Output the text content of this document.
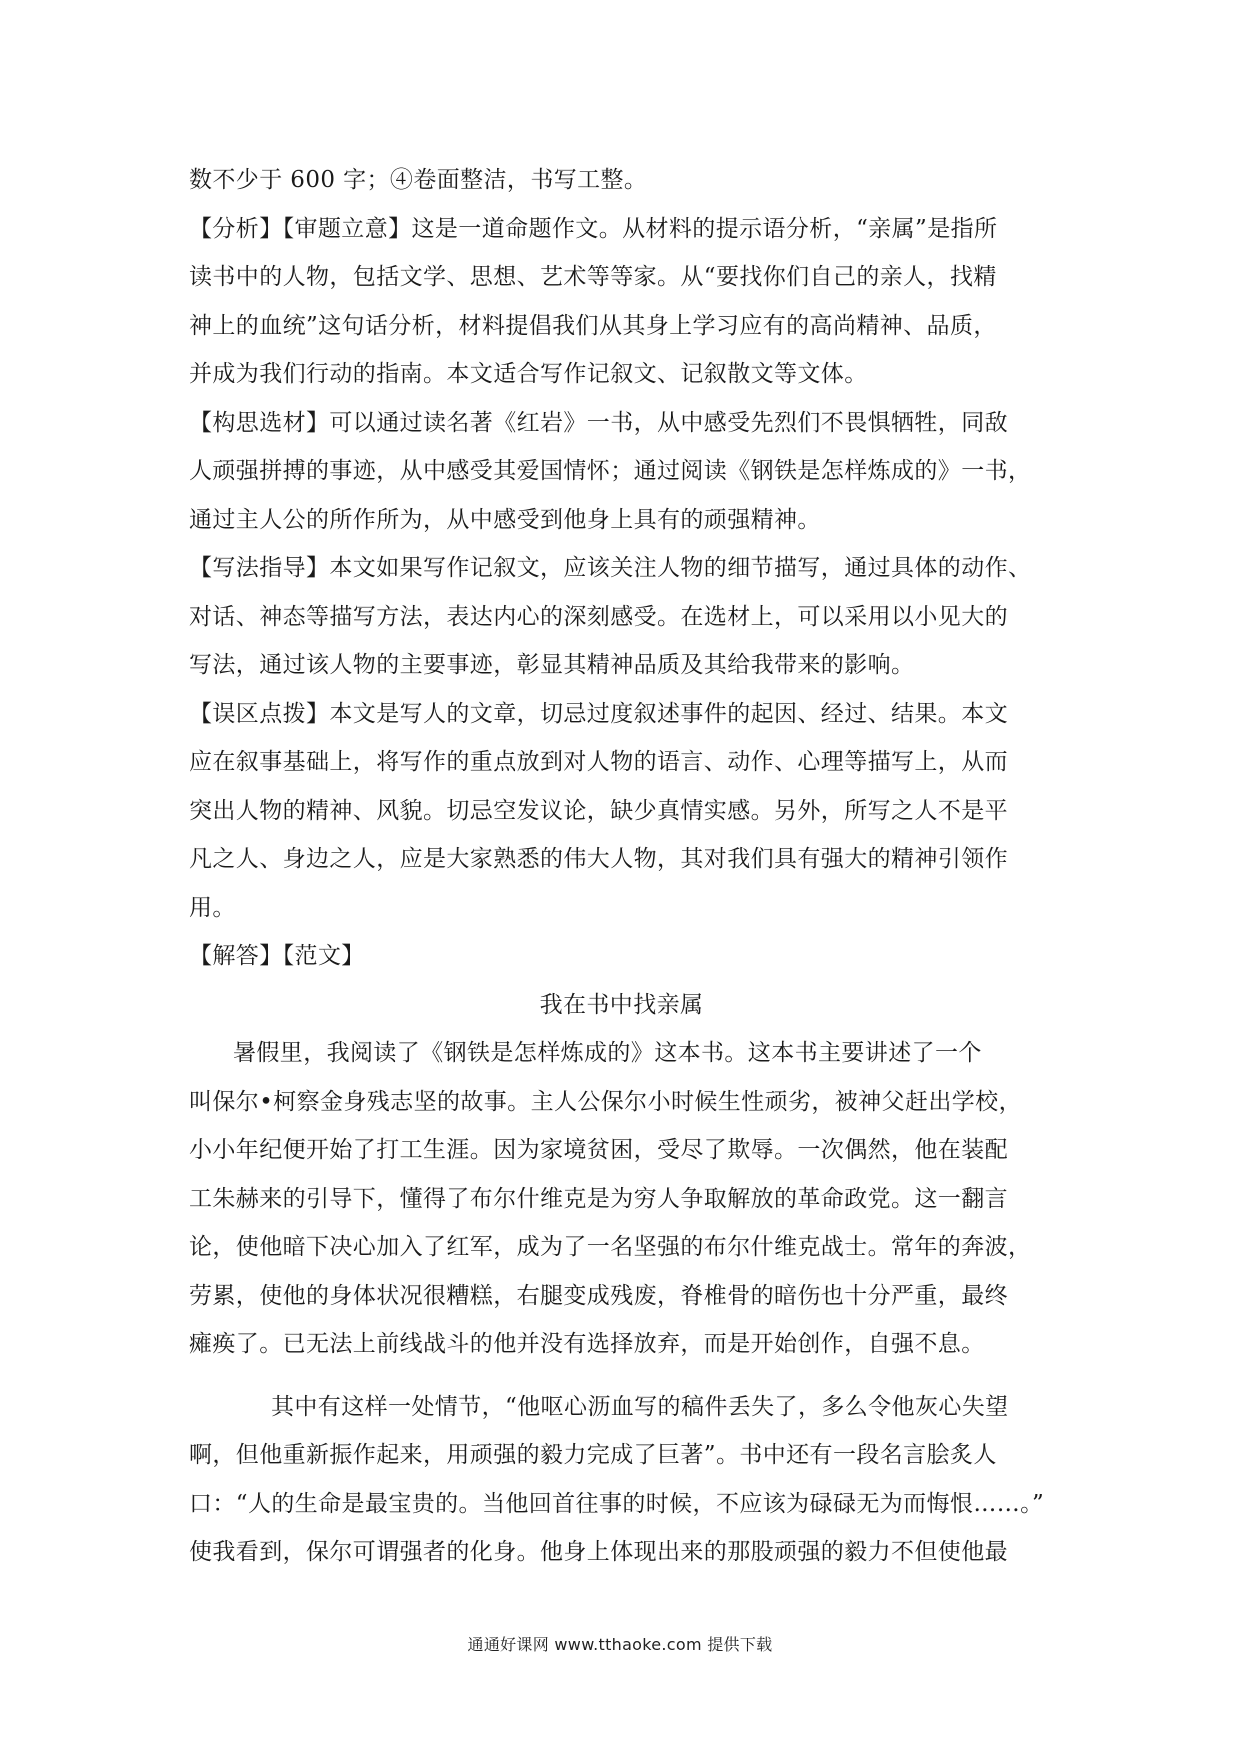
数不少于 600 字；④卷面整洁，书写工整。
【分析】【审题立意】这是一道命题作文。从材料的提示语分析，“亲属”是指所
读书中的人物，包括文学、思想、艺术等等家。从“要找你们自己的亲人，找精
神上的血统”这句话分析，材料提倡我们从其身上学习应有的高尚精神、品质，
并成为我们行动的指南。本文适合写作记叙文、记叙散文等文体。
【构思选材】可以通过读名著《红岩》一书，从中感受先烈们不畏惧牺牲，同敌
人顽强拼搏的事迹，从中感受其爱国情怀；通过阅读《钢铁是怎样炼成的》一书，
通过主人公的所作所为，从中感受到他身上具有的顽强精神。
【写法指导】本文如果写作记叙文，应该关注人物的细节描写，通过具体的动作、
对话、神态等描写方法，表达内心的深刻感受。在选材上，可以采用以小见大的
写法，通过该人物的主要事迹，彰显其精神品质及其给我带来的影响。
【误区点拨】本文是写人的文章，切忌过度叙述事件的起因、经过、结果。本文
应在叙事基础上，将写作的重点放到对人物的语言、动作、心理等描写上，从而
突出人物的精神、风貌。切忌空发议论，缺少真情实感。另外，所写之人不是平
凡之人、身边之人，应是大家熟悉的伟大人物，其对我们具有强大的精神引领作
用。
【解答】【范文】
我在书中找亲属
暑假里，我阅读了《钢铁是怎样炼成的》这本书。这本书主要讲述了一个
叫保尔•柯察金身残志坚的故事。主人公保尔小时候生性顽劣，被神父赶出学校，
小小年纪便开始了打工生涯。因为家境贫困，受尽了欺辱。一次偶然，他在装配
工朱赫来的引导下，懂得了布尔什维克是为穷人争取解放的革命政党。这一翻言
论，使他暗下决心加入了红军，成为了一名坚强的布尔什维克战士。常年的奔波，
劳累，使他的身体状况很糟糕，右腿变成残废，脊椎骨的暗伤也十分严重，最终
瘫痪了。已无法上前线战斗的他并没有选择放弃，而是开始创作，自强不息。
其中有这样一处情节，“他呕心沥血写的稿件丢失了，多么令他灰心失望
啊，但他重新振作起来，用顽强的毅力完成了巨著”。书中还有一段名言脍炙人
口：“人的生命是最宝贵的。当他回首往事的时候，不应该为碌碌无为而悔恨……。”
使我看到，保尔可谓强者的化身。他身上体现出来的那股顽强的毅力不但使他最
通通好课网 www.tthaoke.com 提供下载
